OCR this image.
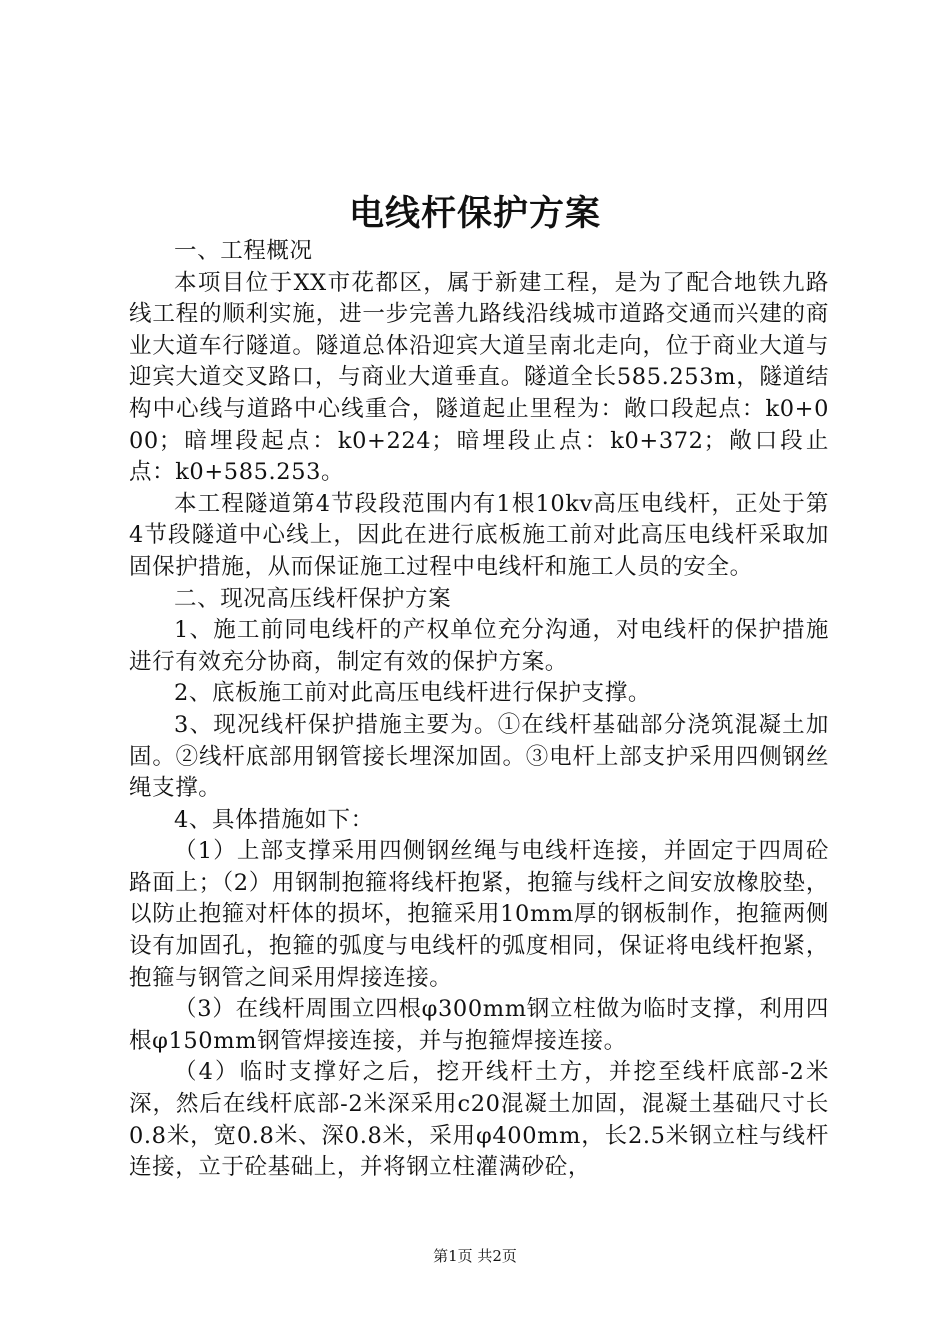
电线杆保护方案

一、工程概况

本项目位于XX市花都区，属于新建工程，是为了配合地铁九路线工程的顺利实施，进一步完善九路线沿线城市道路交通而兴建的商业大道车行隧道。隧道总体沿迎宾大道呈南北走向，位于商业大道与迎宾大道交叉路口，与商业大道垂直。隧道全长585.253m，隧道结构中心线与道路中心线重合，隧道起止里程为：敞口段起点：k0+000；暗埋段起点：k0+224；暗埋段止点：k0+372；敞口段止点：k0+585.253。

本工程隧道第4节段段范围内有1根10kv高压电线杆，正处于第4节段隧道中心线上，因此在进行底板施工前对此高压电线杆采取加固保护措施，从而保证施工过程中电线杆和施工人员的安全。

二、现况高压线杆保护方案

1、施工前同电线杆的产权单位充分沟通，对电线杆的保护措施进行有效充分协商，制定有效的保护方案。

2、底板施工前对此高压电线杆进行保护支撑。

3、现况线杆保护措施主要为。①在线杆基础部分浇筑混凝土加固。②线杆底部用钢管接长埋深加固。③电杆上部支护采用四侧钢丝绳支撑。

4、具体措施如下：

（1）上部支撑采用四侧钢丝绳与电线杆连接，并固定于四周砼路面上；（2）用钢制抱箍将线杆抱紧，抱箍与线杆之间安放橡胶垫，以防止抱箍对杆体的损坏，抱箍采用10mm厚的钢板制作，抱箍两侧设有加固孔，抱箍的弧度与电线杆的弧度相同，保证将电线杆抱紧，抱箍与钢管之间采用焊接连接。

（3）在线杆周围立四根φ300mm钢立柱做为临时支撑，利用四根φ150mm钢管焊接连接，并与抱箍焊接连接。

（4）临时支撑好之后，挖开线杆土方，并挖至线杆底部-2米深，然后在线杆底部-2米深采用c20混凝土加固，混凝土基础尺寸长0.8米，宽0.8米、深0.8米，采用φ400mm，长2.5米钢立柱与线杆连接，立于砼基础上，并将钢立柱灌满砂砼，

第1页 共2页
